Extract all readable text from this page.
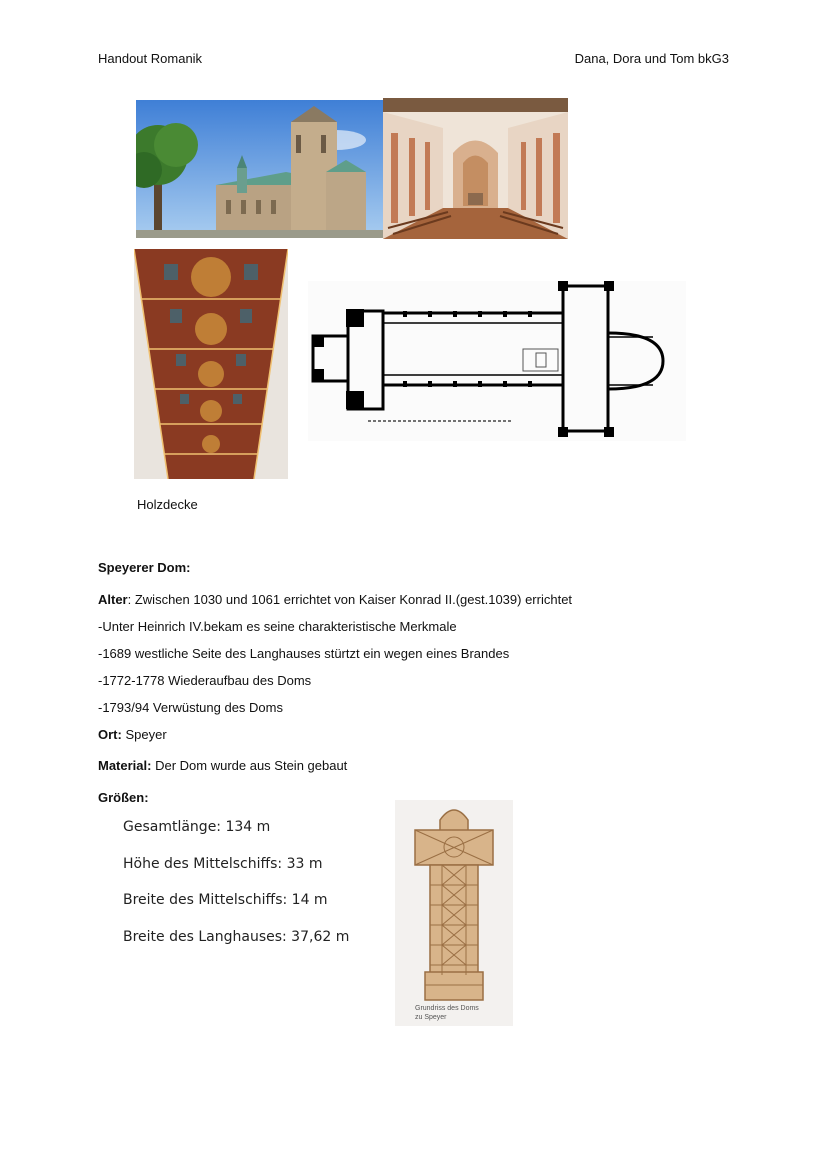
Handout Romanik	Dana, Dora und Tom bkG3
Holzdecke
Speyerer Dom:
Alter: Zwischen 1030 und 1061 errichtet von Kaiser Konrad II.(gest.1039) errichtet
-Unter Heinrich IV.bekam es seine charakteristische Merkmale
-1689 westliche Seite des Langhauses stürtzt ein wegen eines Brandes
-1772-1778 Wiederaufbau des Doms
-1793/94 Verwüstung des Doms
Ort: Speyer
Material: Der Dom wurde aus Stein gebaut
Größen:
Gesamtlänge: 134 m
Höhe des Mittelschiffs: 33 m
Breite des Mittelschiffs: 14 m
Breite des Langhauses: 37,62 m
Grundriss des Doms
zu Speyer
